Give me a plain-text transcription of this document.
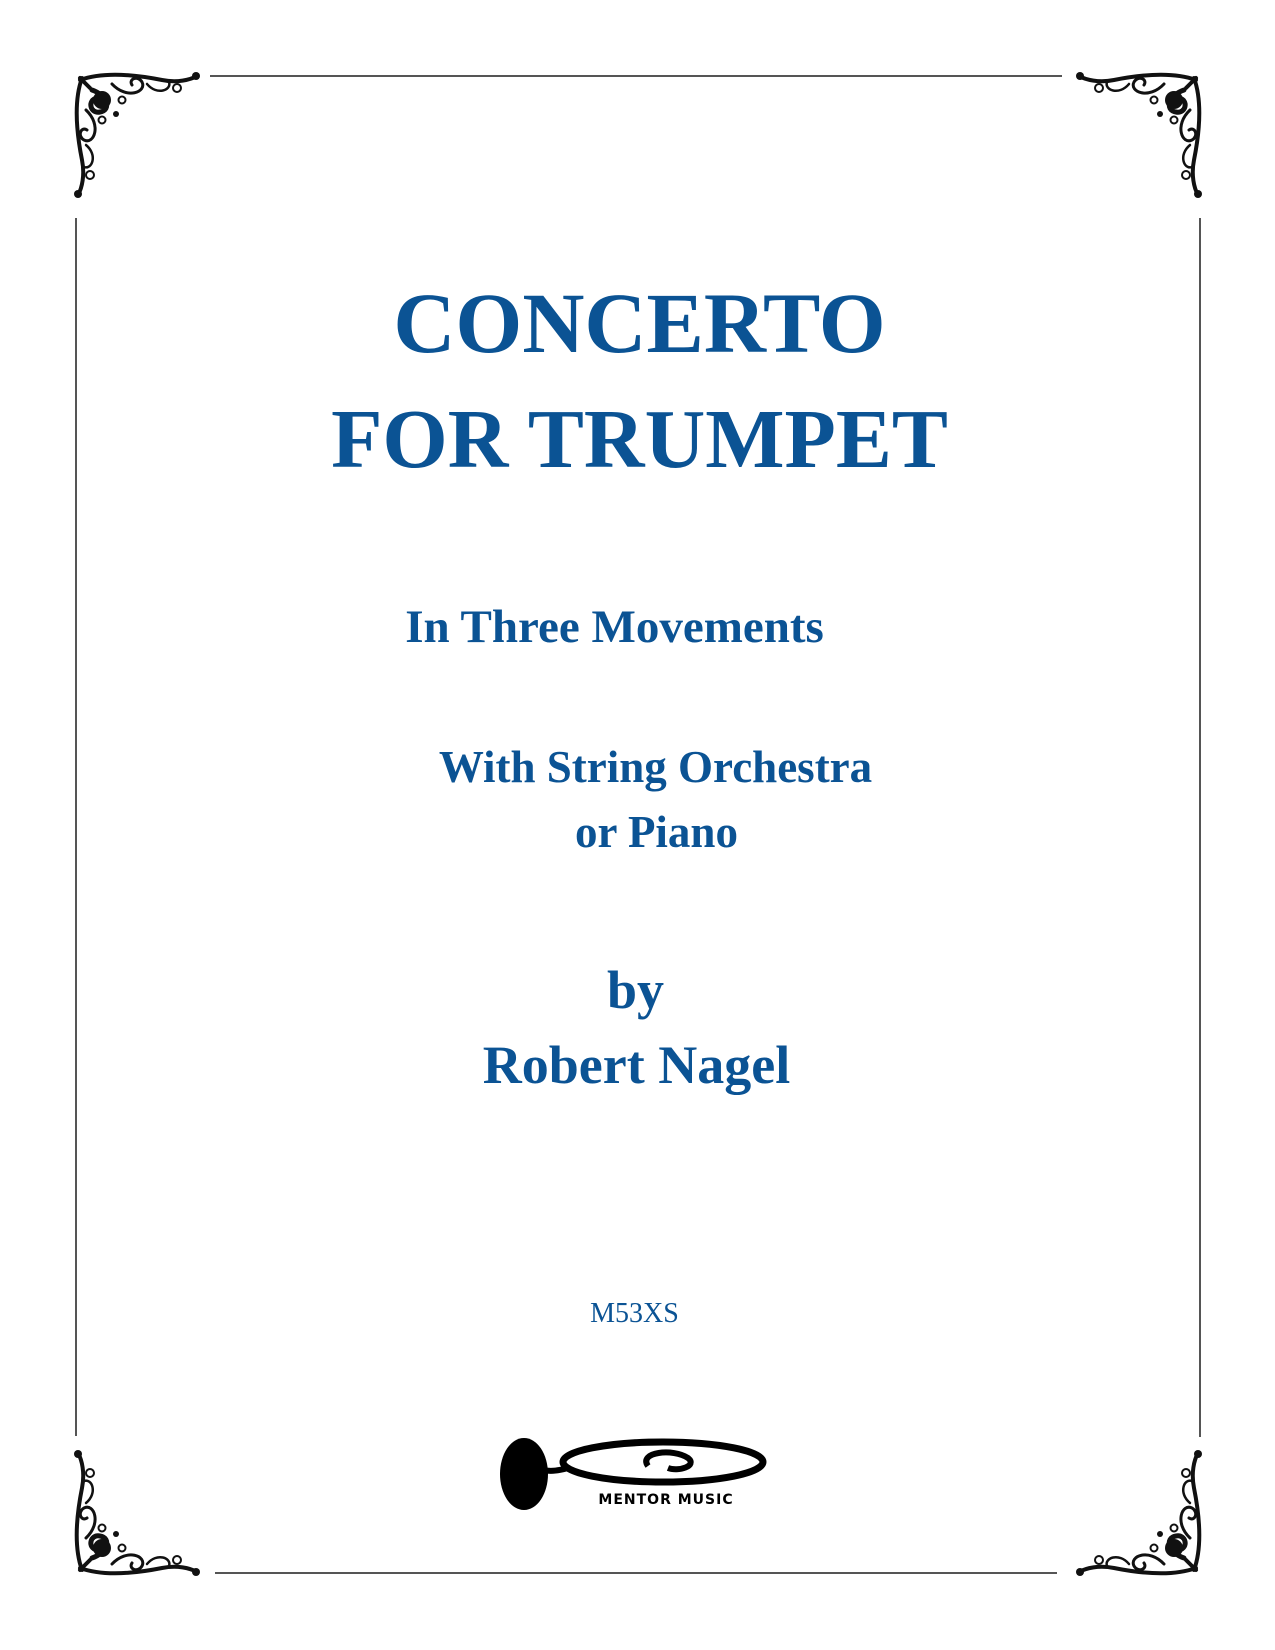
CONCERTO
FOR TRUMPET
In Three Movements
With String Orchestra
or Piano
by
Robert Nagel
M53XS
MENTOR MUSIC
